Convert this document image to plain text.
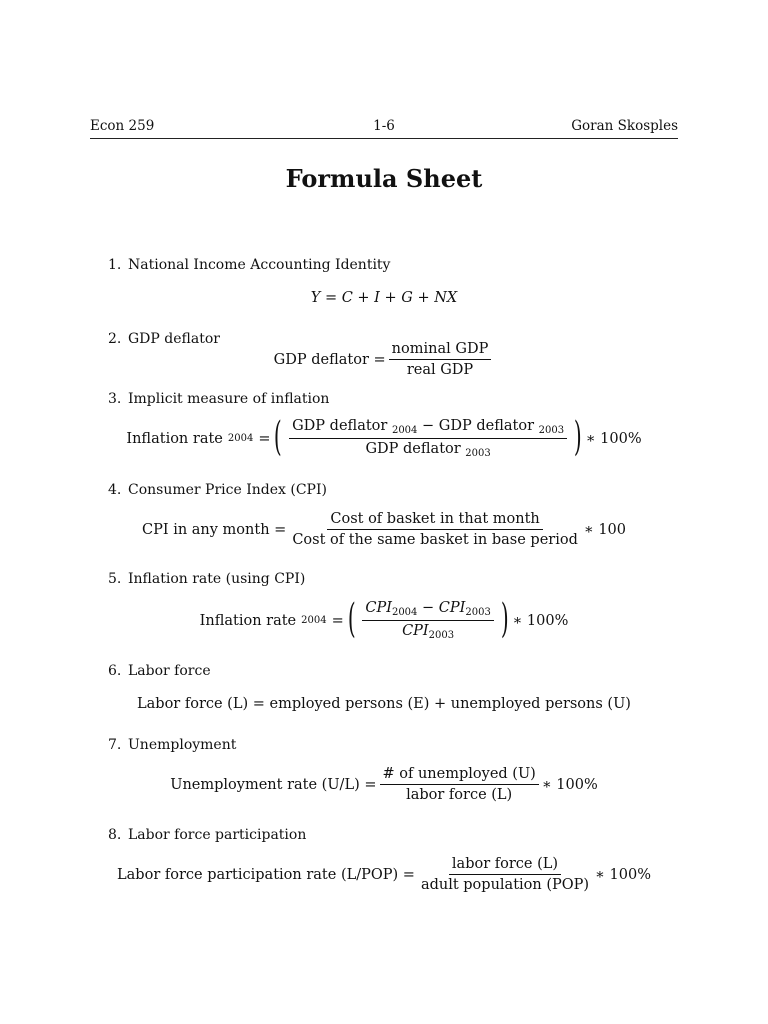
Econ 259	1-6	Goran Skosples
Formula Sheet
1. National Income Accounting Identity
Y = C + I + G + NX
2. GDP deflator
GDP deflator = $\frac{\text{nominal GDP}}{\text{real GDP}}$
3. Implicit measure of inflation
Inflation rate 2004 = ( $\frac{GDP deflator _{2004} - GDP deflator _{2003}}{GDP deflator _{2003}}$ ) ∗ 100%
4. Consumer Price Index (CPI)
CPI in any month = $\frac{\text{Cost of basket in that month}}{\text{Cost of the same basket in base period}}$ ∗ 100
5. Inflation rate (using CPI)
Inflation rate 2004 = ( $\frac{CPI_{2004} - CPI_{2003}}{CPI_{2003}}$ ) ∗ 100%
6. Labor force
Labor force (L) = employed persons (E) + unemployed persons (U)
7. Unemployment
Unemployment rate $(U/L) = \frac{\text{\# of unemployed (U)}}{\text{labor force (L)}}$ ∗ 100%
8. Labor force participation
Labor force participation rate $(L/POP) = \frac{\text{labor force (L)}}{\text{adult population (POP)}}$ ∗ 100%
